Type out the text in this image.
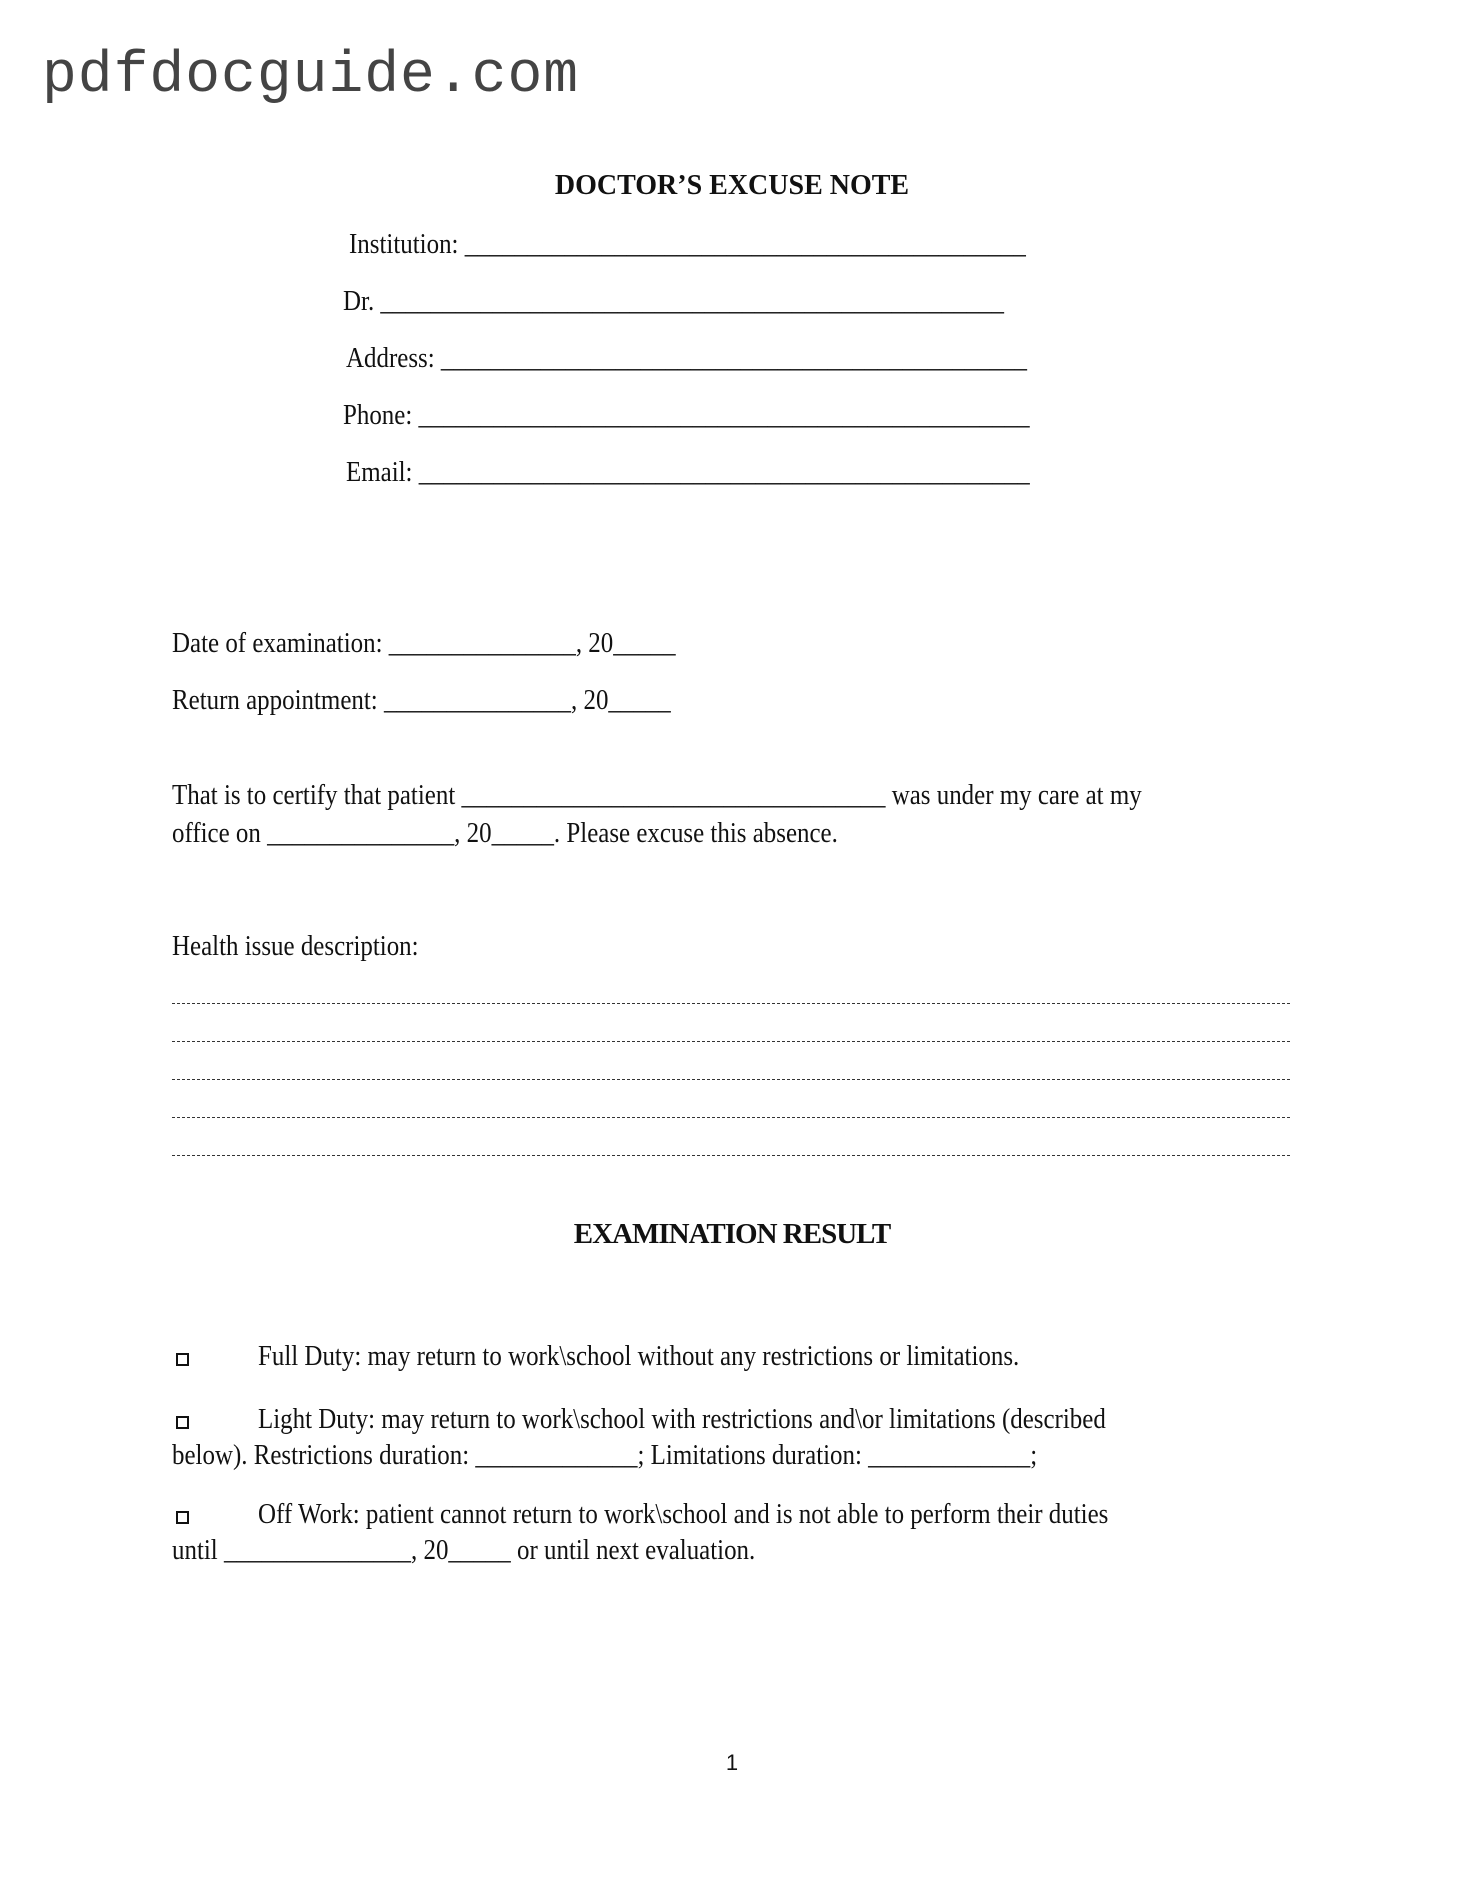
pdfdocguide.com
DOCTOR’S EXCUSE NOTE
Institution: _____________________________________________
Dr. __________________________________________________
Address: _______________________________________________
Phone: _________________________________________________
Email: _________________________________________________
Date of examination: _______________, 20_____
Return appointment: _______________, 20_____
That is to certify that patient __________________________________ was under my care at my
office on _______________, 20_____. Please excuse this absence.
Health issue description:
EXAMINATION RESULT
Full Duty: may return to work\school without any restrictions or limitations.
Light Duty: may return to work\school with restrictions and\or limitations (described
below). Restrictions duration: _____________; Limitations duration: _____________;
Off Work: patient cannot return to work\school and is not able to perform their duties
until _______________, 20_____ or until next evaluation.
1
